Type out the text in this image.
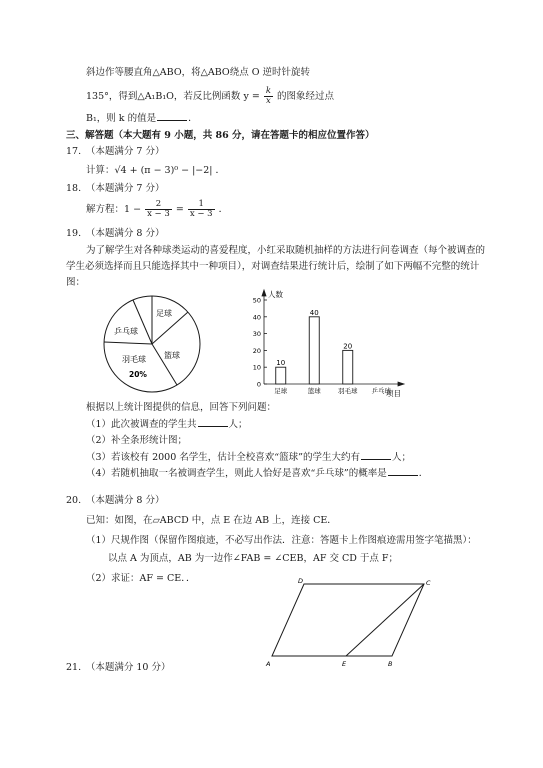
斜边作等腰直角△ABO，将△ABO绕点 O 逆时针旋转
135°，得到△A₁B₁O，若反比例函数 $y = \frac{k}{x}$ 的图象经过点
B₁，则 k 的值是	．
三、解答题（本大题有 9 小题，共 86 分，请在答题卡的相应位置作答）
17.　（本题满分 7 分）
计算：√4 + (π − 3)⁰ − |−2| ．
18.　（本题满分 7 分）
解方程：$1 - \frac{2}{x - 3} = \frac{1}{x - 3}$ ．
19.　（本题满分 8 分）
为了解学生对各种球类运动的喜爱程度，小红采取随机抽样的方法进行问卷调查（每个被调查的学生必须选择而且只能选择其中一种项目），对调查结果进行统计后，绘制了如下两幅不完整的统计图：
足球
篮球
羽毛球
乒乓球
20%
0
10
20
30
40
50
10
足球
40
篮球
20
羽毛球 乒乓球
人数
项目
根据以上统计图提供的信息，回答下列问题：
（1）此次被调查的学生共	人；
（2）补全条形统计图；
（3）若该校有 2000 名学生，估计全校喜欢“篮球”的学生大约有	人；
（4）若随机抽取一名被调查学生，则此人恰好是喜欢“乒乓球”的概率是	．
20.　（本题满分 8 分）
已知：如图，在▱ABCD 中，点 E 在边 AB 上，连接 CE．
（1）尺规作图（保留作图痕迹，不必写出作法．注意：答题卡上作图痕迹需用签字笔描黑）：
以点 A 为顶点，AB 为一边作∠FAB = ∠CEB，AF 交 CD 于点 F；
（2）求证：AF = CE．．
A
D	C
B
E
21.　（本题满分 10 分）
